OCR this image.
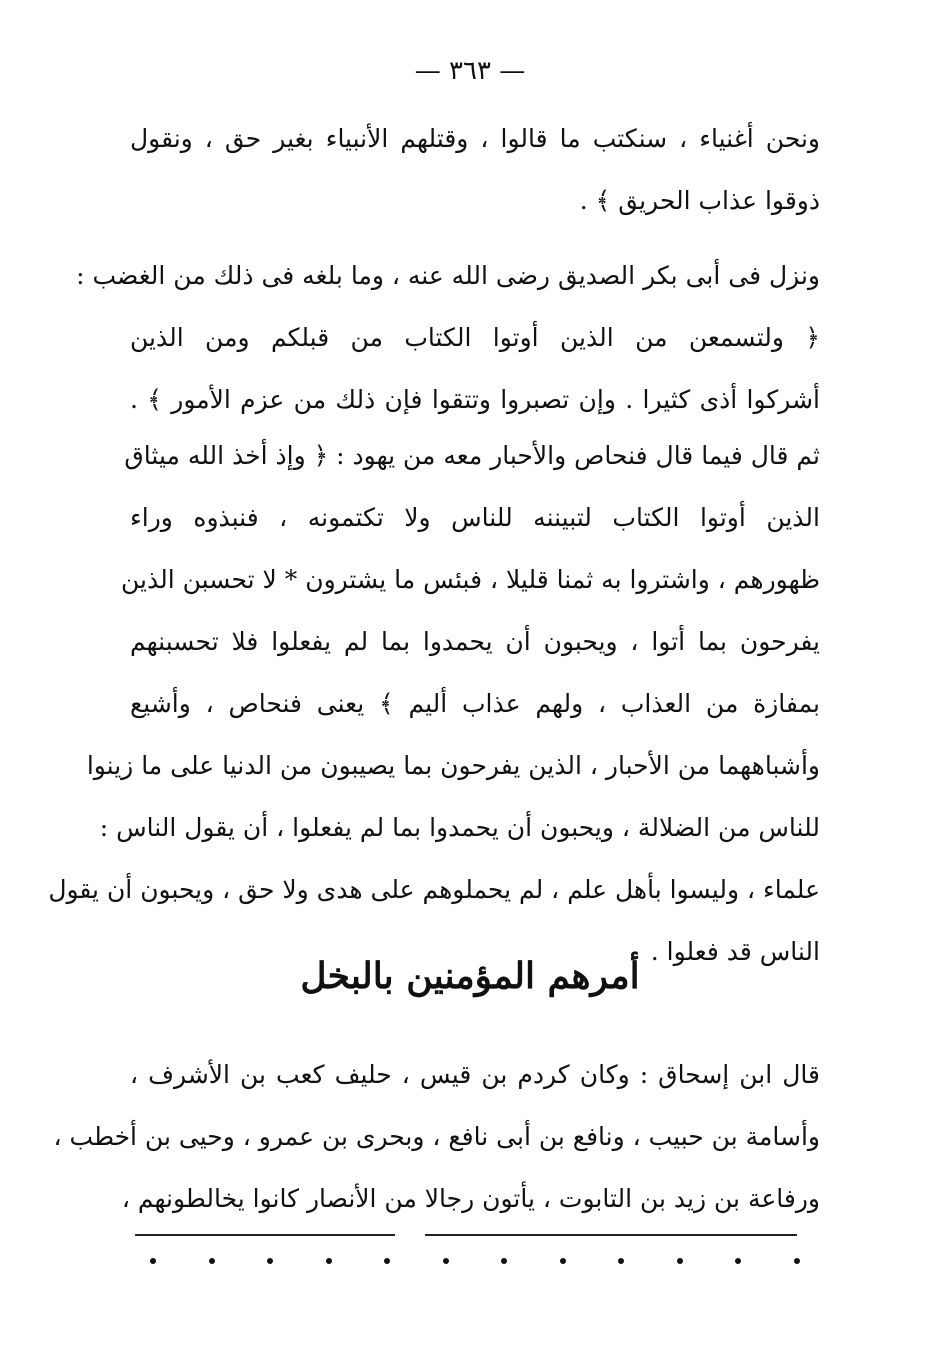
— ٣٦٣ —
ونحن أغنياء ، سنكتب ما قالوا ، وقتلهم الأنبياء بغير حق ، ونقول
ذوقوا عذاب الحريق ﴾ .
ونزل فى أبى بكر الصديق رضى الله عنه ، وما بلغه فى ذلك من الغضب :
﴿ ولتسمعن من الذين أوتوا الكتاب من قبلكم ومن الذين
أشركوا أذى كثيرا . وإن تصبروا وتتقوا فإن ذلك من عزم الأمور ﴾ .
ثم قال فيما قال فنحاص والأحبار معه من يهود : ﴿ وإذ أخذ الله ميثاق
الذين أوتوا الكتاب لتبيننه للناس ولا تكتمونه ، فنبذوه وراء
ظهورهم ، واشتروا به ثمنا قليلا ، فبئس ما يشترون * لا تحسبن الذين
يفرحون بما أتوا ، ويحبون أن يحمدوا بما لم يفعلوا فلا تحسبنهم
بمفازة من العذاب ، ولهم عذاب أليم ﴾ يعنى فنحاص ، وأشيع
وأشباههما من الأحبار ، الذين يفرحون بما يصيبون من الدنيا على ما زينوا
للناس من الضلالة ، ويحبون أن يحمدوا بما لم يفعلوا ، أن يقول الناس :
علماء ، وليسوا بأهل علم ، لم يحملوهم على هدى ولا حق ، ويحبون أن يقول
الناس قد فعلوا .
أمرهم المؤمنين بالبخل
قال ابن إسحاق : وكان كردم بن قيس ، حليف كعب بن الأشرف ،
وأسامة بن حبيب ، ونافع بن أبى نافع ، وبحرى بن عمرو ، وحيى بن أخطب ،
ورفاعة بن زيد بن التابوت ، يأتون رجالا من الأنصار كانوا يخالطونهم ،
